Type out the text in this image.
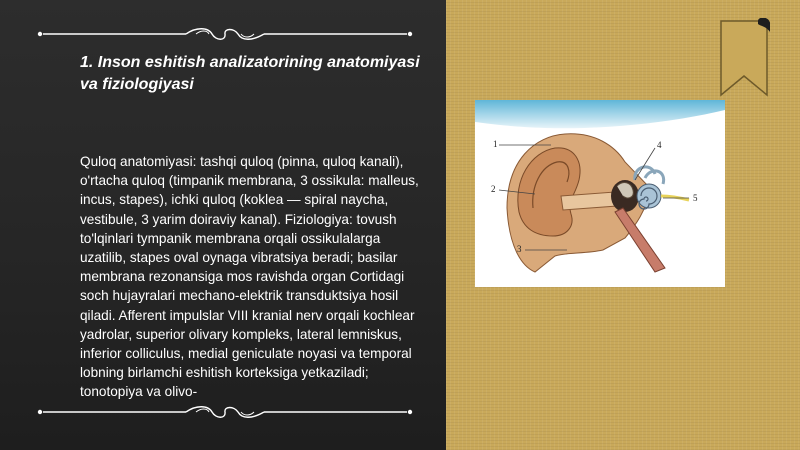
1. Inson eshitish analizatorining anatomiyasi va fiziologiyasi

Quloq anatomiyasi: tashqi quloq (pinna, quloq kanali), o'rtacha quloq (timpanik membrana, 3 ossikula: malleus, incus, stapes), ichki quloq (koklea — spiral naycha, vestibule, 3 yarim doiraviy kanal). Fiziologiya: tovush to'lqinlari tympanik membrana orqali ossikulalarga uzatilib, stapes oval oynaga vibratsiya beradi; basilar membrana rezonansiga mos ravishda organ Cortidagi soch hujayralari mechano-elektrik transduktsiya hosil qiladi. Afferent impulslar VIII kranial nerv orqali kochlear yadrolar, superior olivary kompleks, lateral lemniskus, inferior colliculus, medial geniculate noyasi va temporal lobning birlamchi eshitish korteksiga yetkaziladi; tonotopiya va olivo-

1
2
3
4
5
